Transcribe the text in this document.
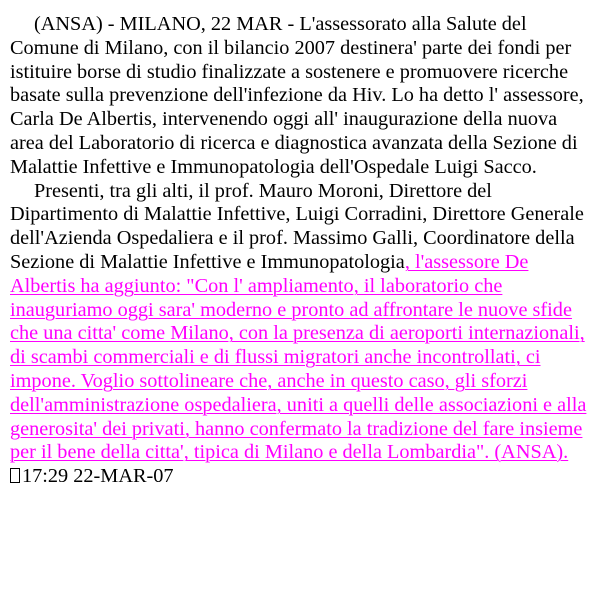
(ANSA) - MILANO, 22 MAR - L'assessorato alla Salute del Comune di Milano, con il bilancio 2007 destinera' parte dei fondi per istituire borse di studio finalizzate a sostenere e promuovere ricerche basate sulla prevenzione dell'infezione da Hiv. Lo ha detto l' assessore, Carla De Albertis, intervenendo oggi all' inaugurazione della nuova area del Laboratorio di ricerca e diagnostica avanzata della Sezione di Malattie Infettive e Immunopatologia dell'Ospedale Luigi Sacco.

Presenti, tra gli alti, il prof. Mauro Moroni, Direttore del Dipartimento di Malattie Infettive, Luigi Corradini, Direttore Generale dell'Azienda Ospedaliera e il prof. Massimo Galli, Coordinatore della Sezione di Malattie Infettive e Immunopatologia, l'assessore De Albertis ha aggiunto: "Con l' ampliamento, il laboratorio che inauguriamo oggi sara' moderno e pronto ad affrontare le nuove sfide che una citta' come Milano, con la presenza di aeroporti internazionali, di scambi commerciali e di flussi migratori anche incontrollati, ci impone. Voglio sottolineare che, anche in questo caso, gli sforzi dell'amministrazione ospedaliera, uniti a quelli delle associazioni e alla generosita' dei privati, hanno confermato la tradizione del fare insieme per il bene della citta', tipica di Milano e della Lombardia". (ANSA).

17:29 22-MAR-07
